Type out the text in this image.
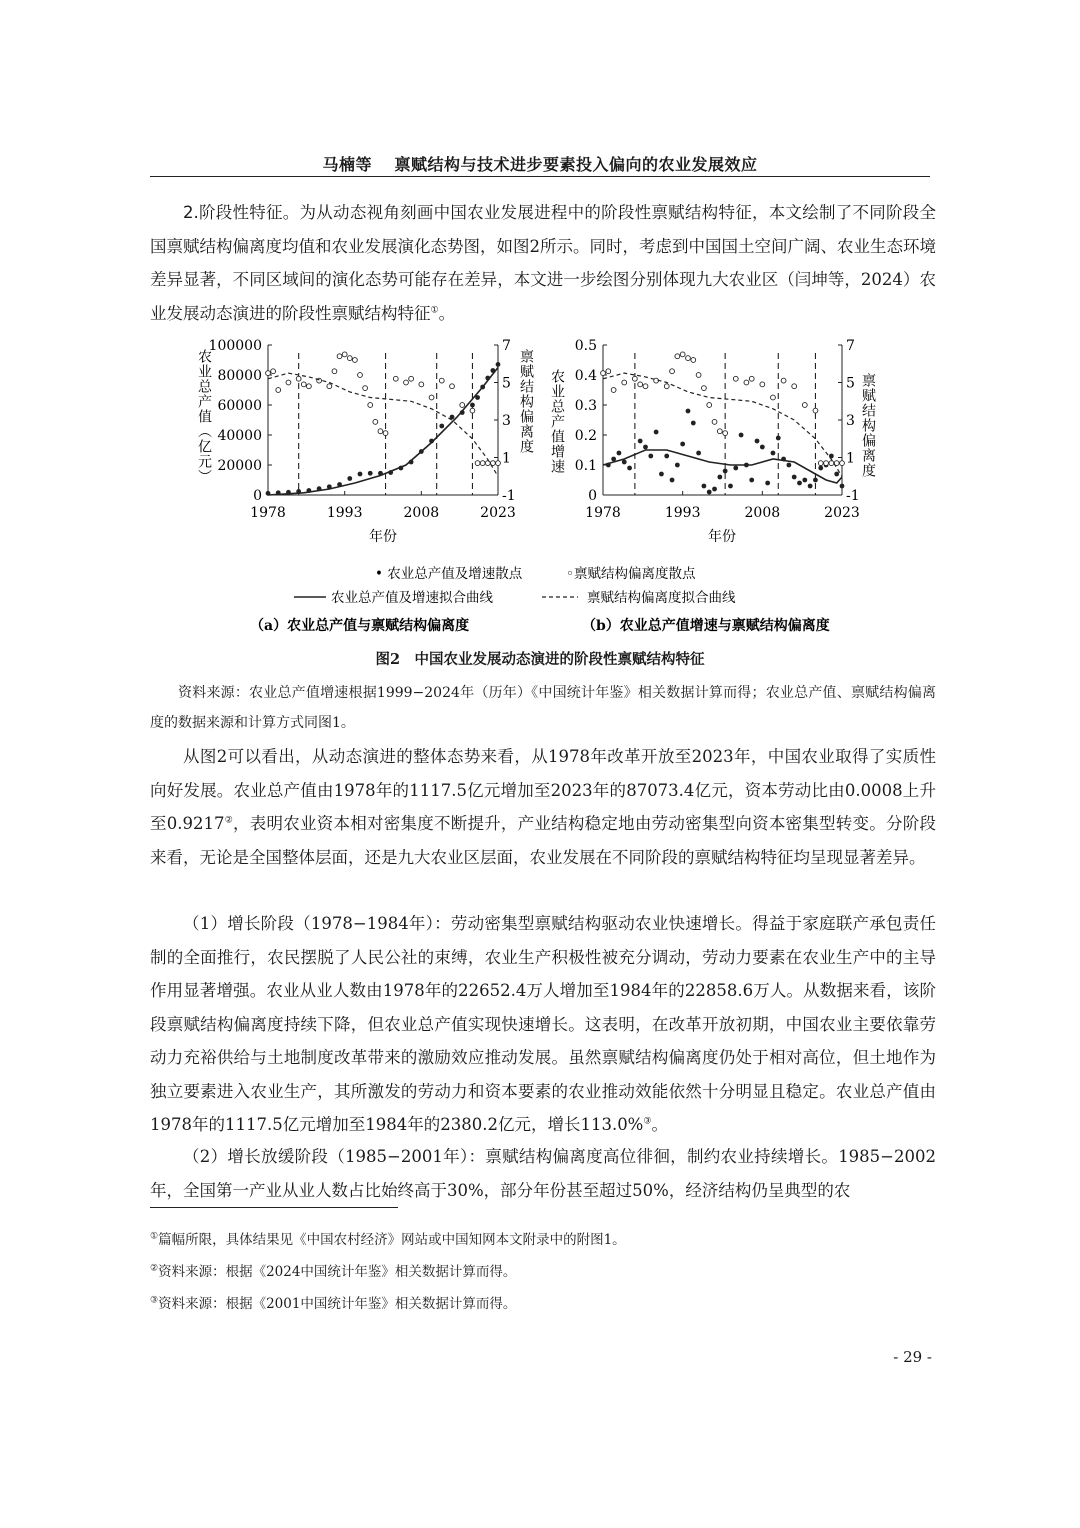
马楠等　 禀赋结构与技术进步要素投入偏向的农业发展效应

2.阶段性特征。为从动态视角刻画中国农业发展进程中的阶段性禀赋结构特征，本文绘制了不同阶段全国禀赋结构偏离度均值和农业发展演化态势图，如图2所示。同时，考虑到中国国土空间广阔、农业生态环境差异显著，不同区域间的演化态势可能存在差异，本文进一步绘图分别体现九大农业区（闫坤等，2024）农业发展动态演进的阶段性禀赋结构特征①。

100000
80000
60000
40000
20000
0
7
5
3
1
-1
1978	1993	2008	2023
农业总产值（亿元）	禀赋结构偏离度
年份
0.5
0.4
0.3
0.2
0.1
0
7
5
3
1
-1
1978	1993	2008	2023
农业总产值增速	禀赋结构偏离度
年份
• 农业总产值及增速散点	◦禀赋结构偏离度散点
农业总产值及增速拟合曲线	禀赋结构偏离度拟合曲线
（a）农业总产值与禀赋结构偏离度	（b）农业总产值增速与禀赋结构偏离度
图2　中国农业发展动态演进的阶段性禀赋结构特征

资料来源：农业总产值增速根据1999−2024年（历年）《中国统计年鉴》相关数据计算而得；农业总产值、禀赋结构偏离度的数据来源和计算方式同图1。

从图2可以看出，从动态演进的整体态势来看，从1978年改革开放至2023年，中国农业取得了实质性向好发展。农业总产值由1978年的1117.5亿元增加至2023年的87073.4亿元，资本劳动比由0.0008上升至0.9217②，表明农业资本相对密集度不断提升，产业结构稳定地由劳动密集型向资本密集型转变。分阶段来看，无论是全国整体层面，还是九大农业区层面，农业发展在不同阶段的禀赋结构特征均呈现显著差异。

（1）增长阶段（1978−1984年）：劳动密集型禀赋结构驱动农业快速增长。得益于家庭联产承包责任制的全面推行，农民摆脱了人民公社的束缚，农业生产积极性被充分调动，劳动力要素在农业生产中的主导作用显著增强。农业从业人数由1978年的22652.4万人增加至1984年的22858.6万人。从数据来看，该阶段禀赋结构偏离度持续下降，但农业总产值实现快速增长。这表明，在改革开放初期，中国农业主要依靠劳动力充裕供给与土地制度改革带来的激励效应推动发展。虽然禀赋结构偏离度仍处于相对高位，但土地作为独立要素进入农业生产，其所激发的劳动力和资本要素的农业推动效能依然十分明显且稳定。农业总产值由1978年的1117.5亿元增加至1984年的2380.2亿元，增长113.0%③。

（2）增长放缓阶段（1985−2001年）：禀赋结构偏离度高位徘徊，制约农业持续增长。1985−2002年，全国第一产业从业人数占比始终高于30%，部分年份甚至超过50%，经济结构仍呈典型的农

①篇幅所限，具体结果见《中国农村经济》网站或中国知网本文附录中的附图1。
②资料来源：根据《2024中国统计年鉴》相关数据计算而得。
③资料来源：根据《2001中国统计年鉴》相关数据计算而得。
- 29 -
